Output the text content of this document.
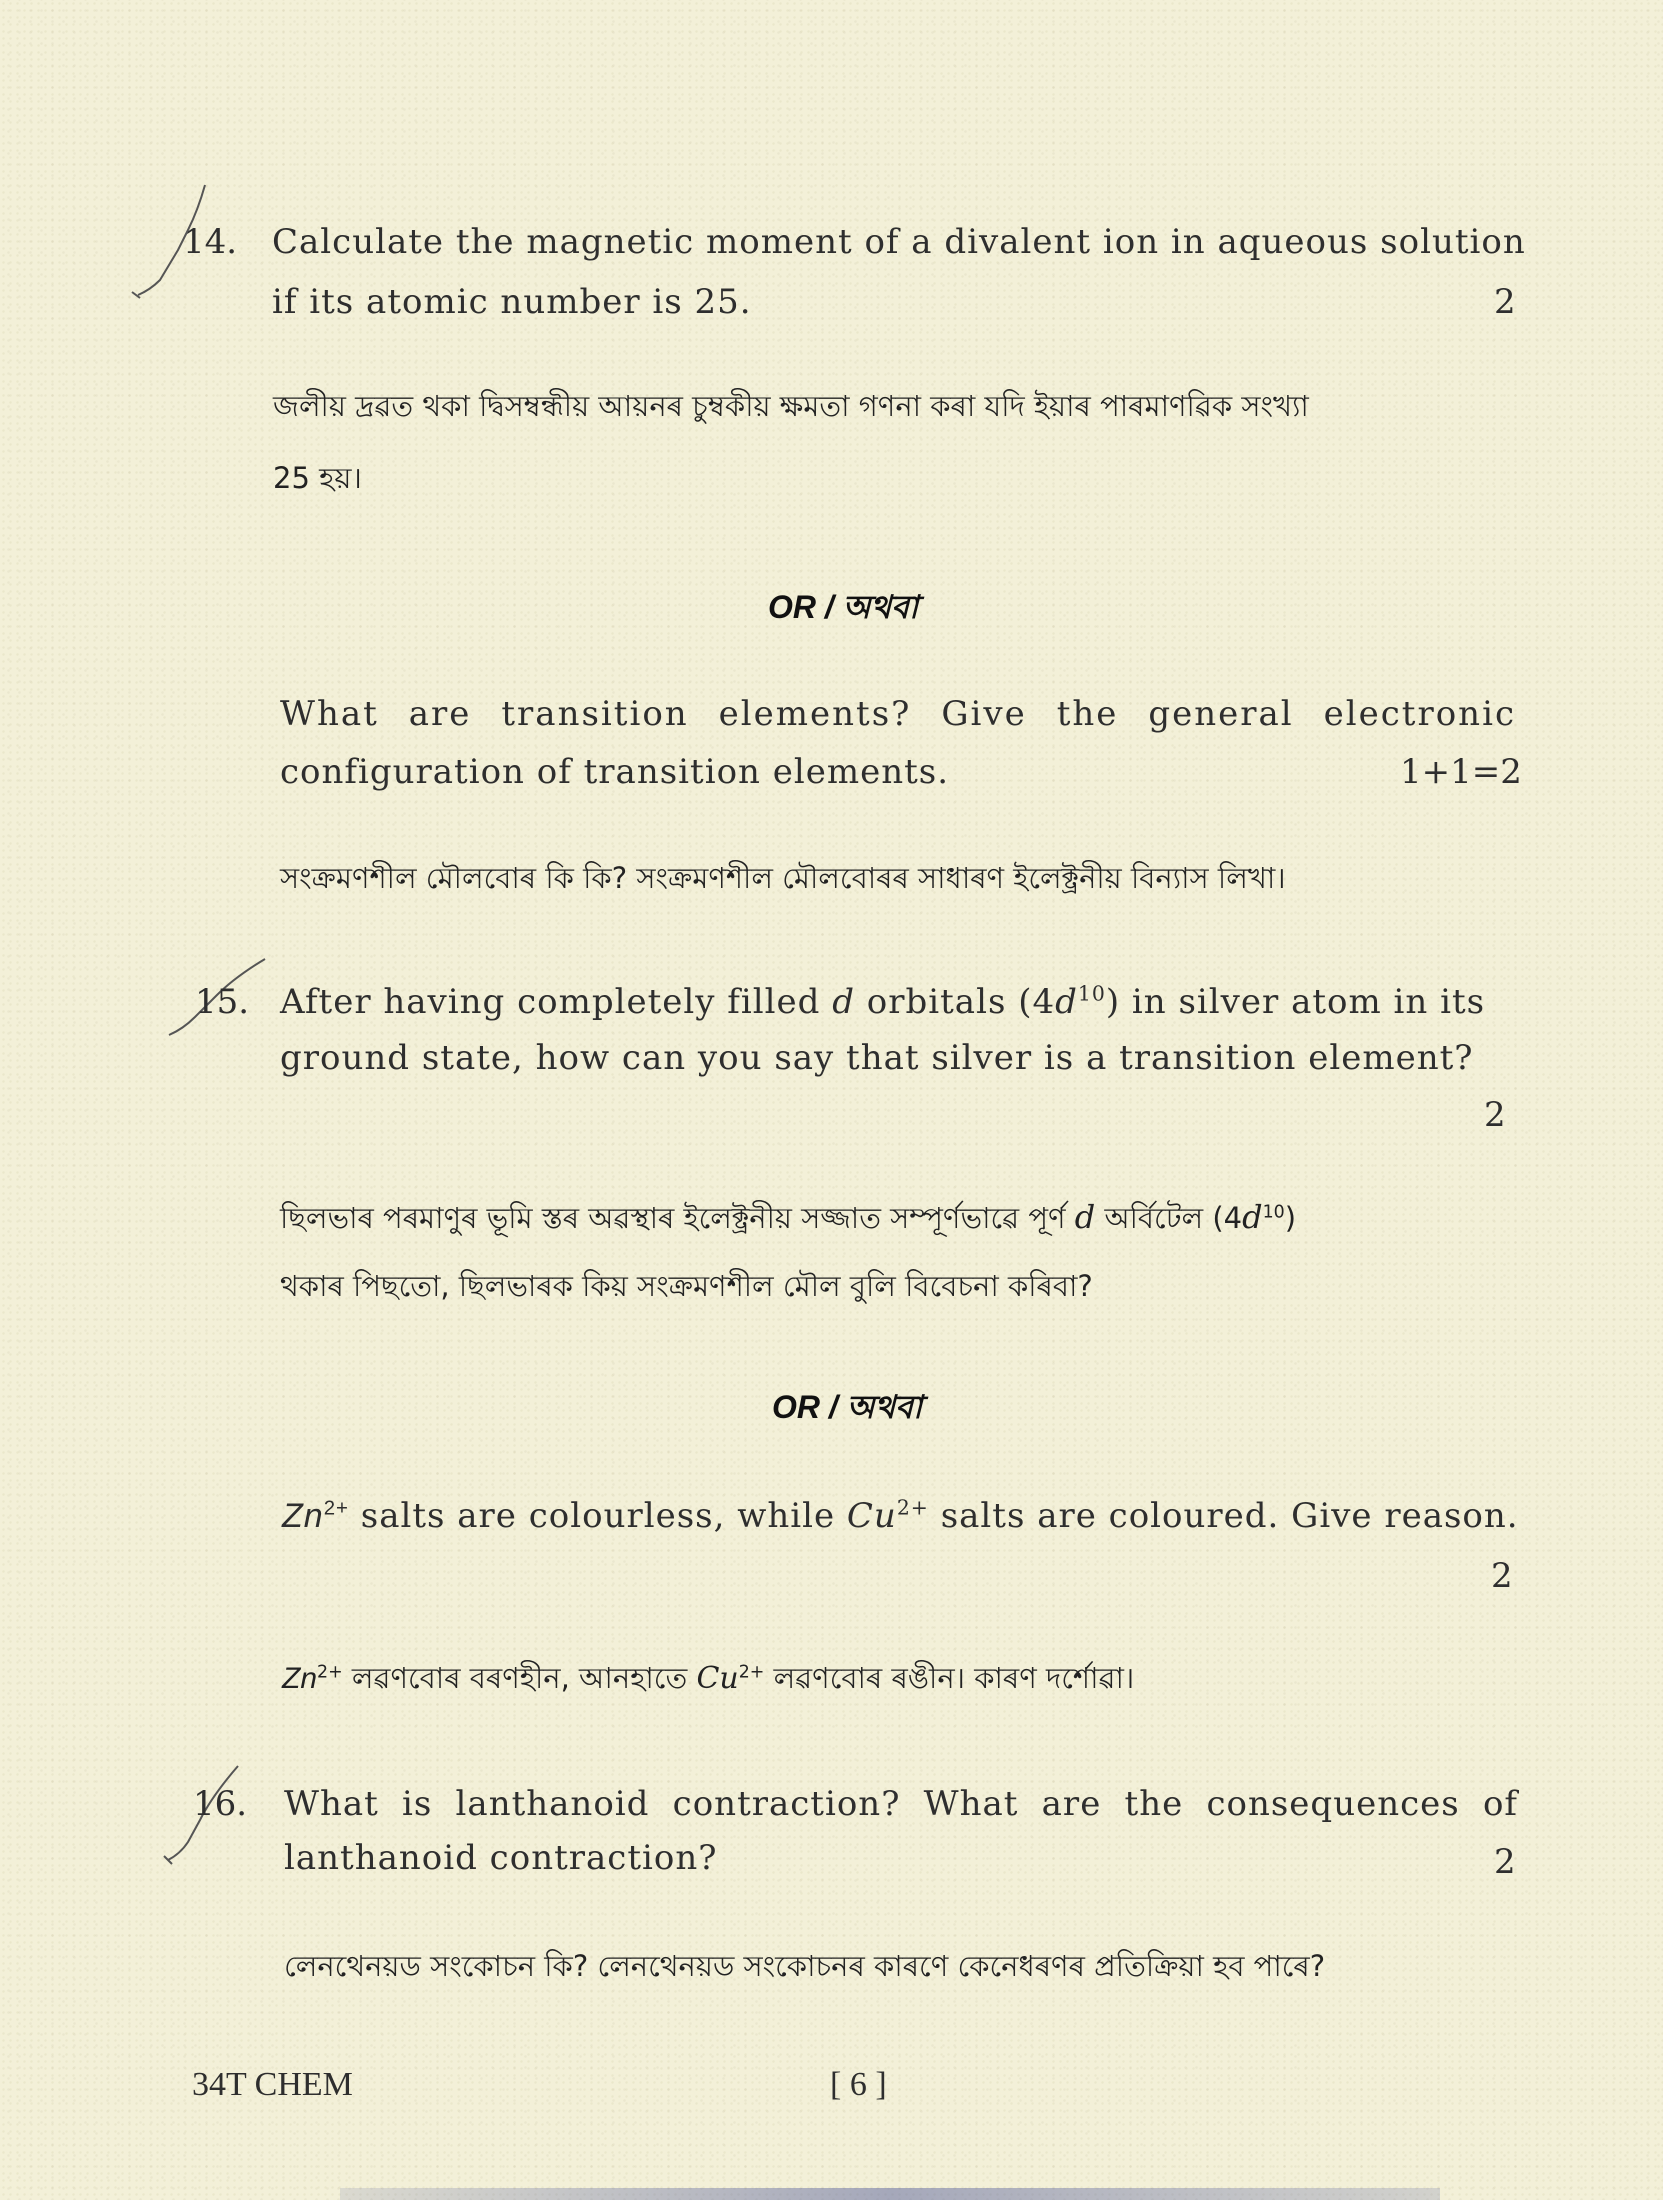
14. Calculate the magnetic moment of a divalent ion in aqueous solution
if its atomic number is 25.	2
জলীয় দ্ৰৱত থকা দ্বিসম্বন্ধীয় আয়নৰ চুম্বকীয় ক্ষমতা গণনা কৰা যদি ইয়াৰ পাৰমাণৱিক সংখ্যা
25 হয়।
OR / অথবা
What are transition elements? Give the general electronic
configuration of transition elements.	1+1=2
সংক্ৰমণশীল মৌলবোৰ কি কি? সংক্ৰমণশীল মৌলবোৰৰ সাধাৰণ ইলেক্ট্ৰনীয় বিন্যাস লিখা।
15. After having completely filled d orbitals $(4d^{10})$ in silver atom in its
ground state, how can you say that silver is a transition element?
2
ছিলভাৰ পৰমাণুৰ ভূমি স্তৰ অৱস্থাৰ ইলেক্ট্ৰনীয় সজ্জাত সম্পূৰ্ণভাৱে পূৰ্ণ d অৰ্বিটেল $(4d^{10})$
থকাৰ পিছতো, ছিলভাৰক কিয় সংক্ৰমণশীল মৌল বুলি বিবেচনা কৰিবা?
OR / অথবা
$Zn^{2+}$ salts are colourless, while $Cu^{2+}$ salts are coloured. Give reason.
2
$Zn^{2+}$ লৱণবোৰ বৰণহীন, আনহাতে $Cu^{2+}$ লৱণবোৰ ৰঙীন। কাৰণ দৰ্শোৱা।
16. What is lanthanoid contraction? What are the consequences of
lanthanoid contraction?	2
লেনথেনয়ড সংকোচন কি? লেনথেনয়ড সংকোচনৰ কাৰণে কেনেধৰণৰ প্ৰতিক্ৰিয়া হব পাৰে?
34T CHEM	[ 6 ]
